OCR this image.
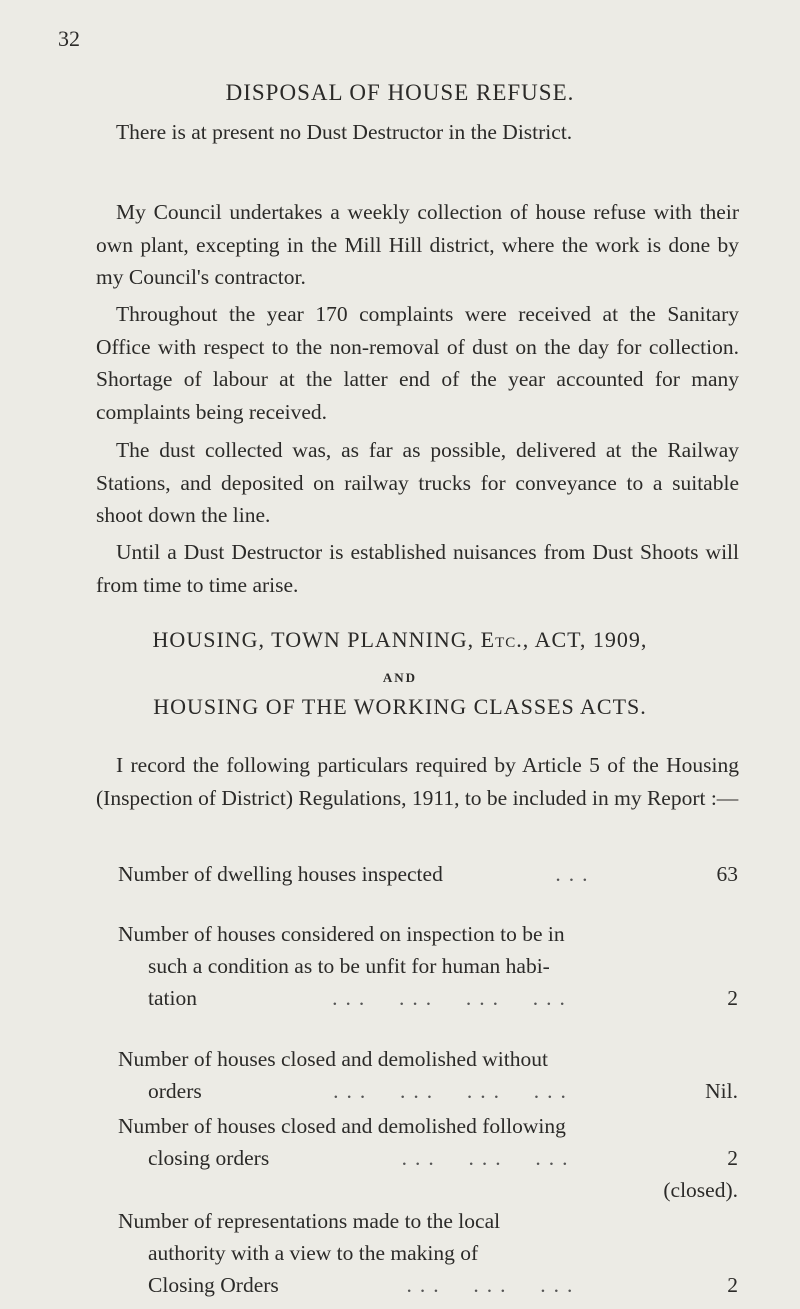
32
DISPOSAL OF HOUSE REFUSE.
There is at present no Dust Destructor in the District.
My Council undertakes a weekly collection of house refuse with their own plant, excepting in the Mill Hill district, where the work is done by my Council's contractor.
Throughout the year 170 complaints were received at the Sanitary Office with respect to the non-removal of dust on the day for collection. Shortage of labour at the latter end of the year accounted for many complaints being received.
The dust collected was, as far as possible, delivered at the Railway Stations, and deposited on railway trucks for conveyance to a suitable shoot down the line.
Until a Dust Destructor is established nuisances from Dust Shoots will from time to time arise.
HOUSING, TOWN PLANNING, Etc., ACT, 1909,
AND
HOUSING OF THE WORKING CLASSES ACTS.
I record the following particulars required by Article 5 of the Housing (Inspection of District) Regulations, 1911, to be included in my Report :—
Number of dwelling houses inspected	...	63
Number of houses considered on inspection to be in
such a condition as to be unfit for human habi-
tation	...  ...  ...  ...	2
Number of houses closed and demolished without
orders	...  ...  ...  ...	Nil.
Number of houses closed and demolished following
closing orders	...  ...  ...	2
(closed).
Number of representations made to the local
authority with a view to the making of
Closing Orders	...  ...  ...	2
